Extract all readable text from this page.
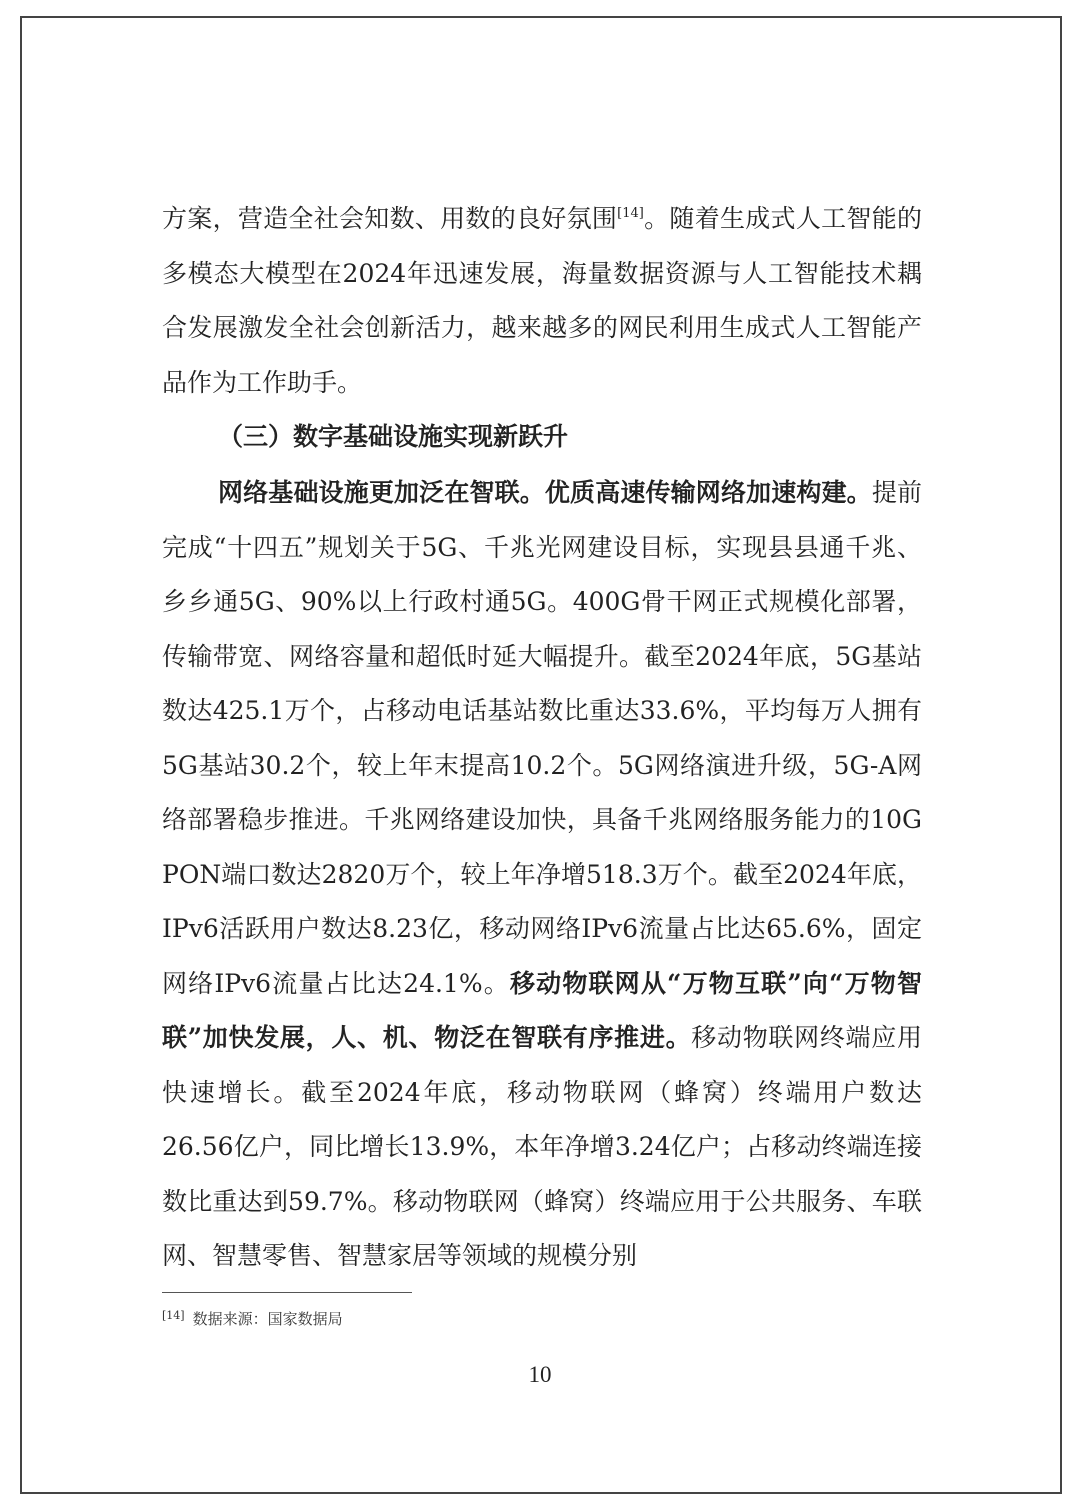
方案，营造全社会知数、用数的良好氛围[14]。随着生成式人工智能的多模态大模型在2024年迅速发展，海量数据资源与人工智能技术耦合发展激发全社会创新活力，越来越多的网民利用生成式人工智能产品作为工作助手。
（三）数字基础设施实现新跃升
网络基础设施更加泛在智联。优质高速传输网络加速构建。提前完成“十四五”规划关于5G、千兆光网建设目标，实现县县通千兆、乡乡通5G、90%以上行政村通5G。400G骨干网正式规模化部署，传输带宽、网络容量和超低时延大幅提升。截至2024年底，5G基站数达425.1万个，占移动电话基站数比重达33.6%，平均每万人拥有5G基站30.2个，较上年末提高10.2个。5G网络演进升级，5G-A网络部署稳步推进。千兆网络建设加快，具备千兆网络服务能力的10G PON端口数达2820万个，较上年净增518.3万个。截至2024年底，IPv6活跃用户数达8.23亿，移动网络IPv6流量占比达65.6%，固定网络IPv6流量占比达24.1%。移动物联网从“万物互联”向“万物智联”加快发展，人、机、物泛在智联有序推进。移动物联网终端应用快速增长。截至2024年底，移动物联网（蜂窝）终端用户数达26.56亿户，同比增长13.9%，本年净增3.24亿户；占移动终端连接数比重达到59.7%。移动物联网（蜂窝）终端应用于公共服务、车联网、智慧零售、智慧家居等领域的规模分别
[14] 数据来源：国家数据局
10
